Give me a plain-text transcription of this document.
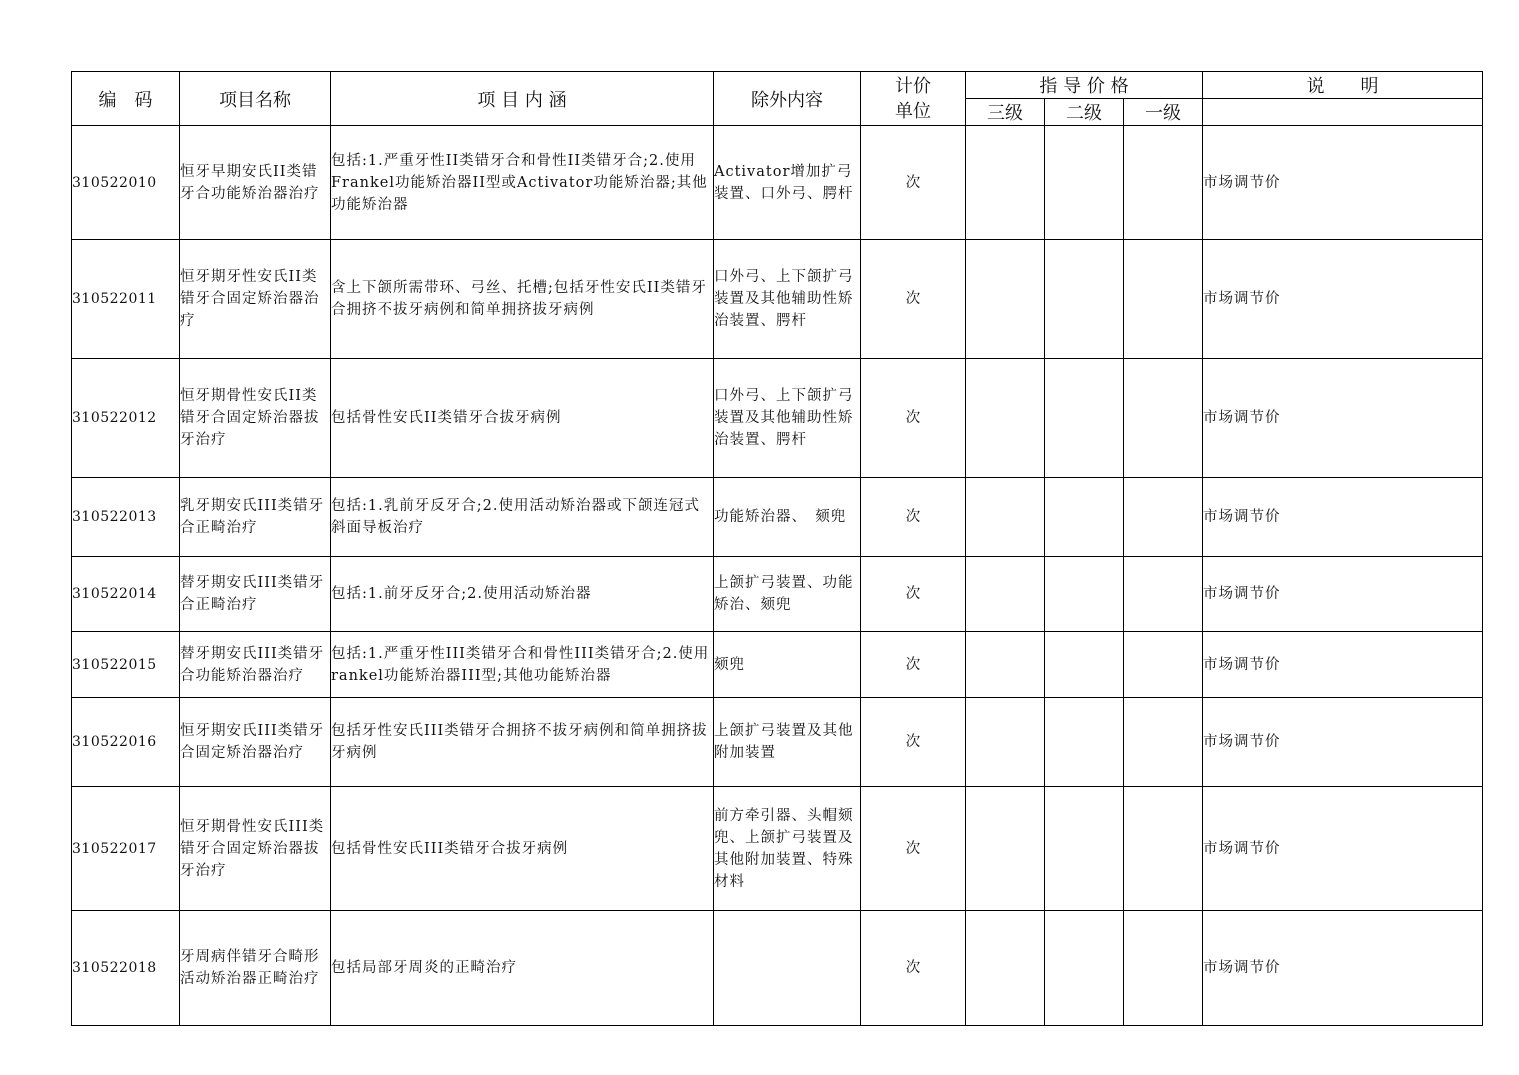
编　码	项目名称	项 目 内 涵	除外内容	计价单位	指 导 价 格			说　　明
					三级	二级	一级	
310522010	恒牙早期安氏II类错牙合功能矫治器治疗	包括:1.严重牙性II类错牙合和骨性II类错牙合;2.使用Frankel功能矫治器II型或Activator功能矫治器;其他功能矫治器	Activator增加扩弓装置、口外弓、腭杆	次				市场调节价
310522011	恒牙期牙性安氏II类错牙合固定矫治器治疗	含上下颌所需带环、弓丝、托槽;包括牙性安氏II类错牙合拥挤不拔牙病例和简单拥挤拔牙病例	口外弓、上下颌扩弓装置及其他辅助性矫治装置、腭杆	次				市场调节价
310522012	恒牙期骨性安氏II类错牙合固定矫治器拔牙治疗	包括骨性安氏II类错牙合拔牙病例	口外弓、上下颌扩弓装置及其他辅助性矫治装置、腭杆	次				市场调节价
310522013	乳牙期安氏III类错牙合正畸治疗	包括:1.乳前牙反牙合;2.使用活动矫治器或下颌连冠式斜面导板治疗	功能矫治器、　颏兜	次				市场调节价
310522014	替牙期安氏III类错牙合正畸治疗	包括:1.前牙反牙合;2.使用活动矫治器	上颌扩弓装置、功能矫治、颏兜	次				市场调节价
310522015	替牙期安氏III类错牙合功能矫治器治疗	包括:1.严重牙性III类错牙合和骨性III类错牙合;2.使用rankel功能矫治器III型;其他功能矫治器	颏兜	次				市场调节价
310522016	恒牙期安氏III类错牙合固定矫治器治疗	包括牙性安氏III类错牙合拥挤不拔牙病例和简单拥挤拔牙病例	上颌扩弓装置及其他附加装置	次				市场调节价
310522017	恒牙期骨性安氏III类错牙合固定矫治器拔牙治疗	包括骨性安氏III类错牙合拔牙病例	前方牵引器、头帽颏兜、上颌扩弓装置及其他附加装置、特殊材料	次				市场调节价
310522018	牙周病伴错牙合畸形活动矫治器正畸治疗	包括局部牙周炎的正畸治疗		次				市场调节价
